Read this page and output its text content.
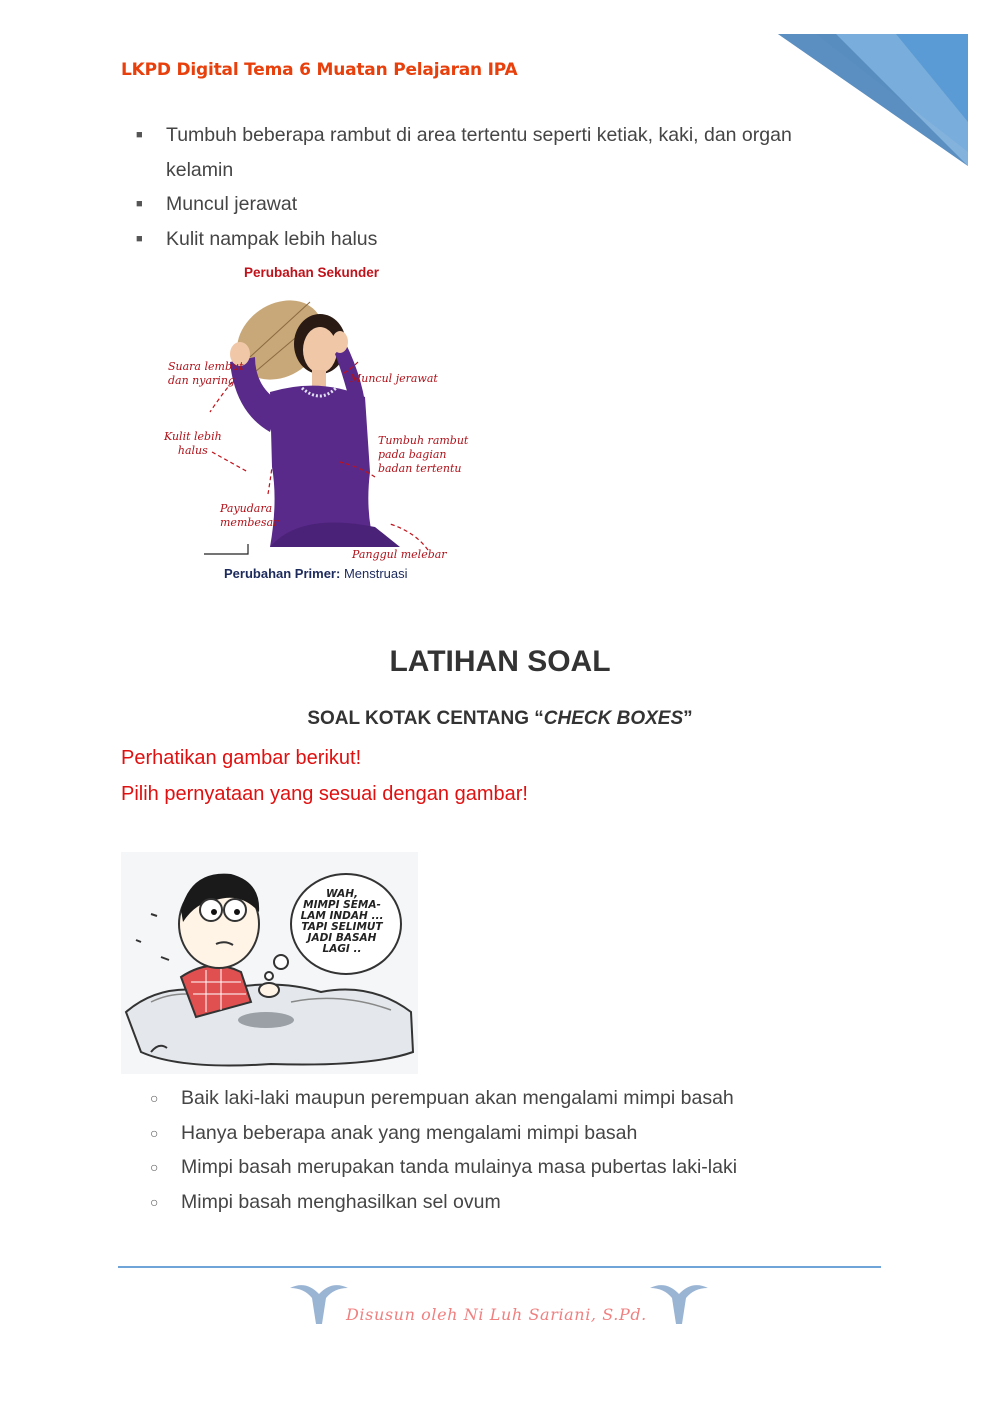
LKPD Digital Tema 6 Muatan Pelajaran IPA
■	Tumbuh beberapa rambut di area tertentu seperti ketiak, kaki, dan organ kelamin
■	Muncul jerawat
■	Kulit nampak lebih halus
Perubahan Sekunder
Suara lembut
dan nyaring	Muncul jerawat
Kulit lebih
halus
Tumbuh rambut
pada bagian
badan tertentu
Payudara
membesar
Panggul melebar
Perubahan Primer: Menstruasi
LATIHAN SOAL
SOAL KOTAK CENTANG “CHECK BOXES”
Perhatikan gambar berikut!
Pilih pernyataan yang sesuai dengan gambar!
WAH,
MIMPI SEMA-
LAM INDAH ...
TAPI SELIMUT
JADI BASAH
LAGI ..
○	Baik laki-laki maupun perempuan akan mengalami mimpi basah
○	Hanya beberapa anak yang mengalami mimpi basah
○	Mimpi basah merupakan tanda mulainya masa pubertas laki-laki
○	Mimpi basah menghasilkan sel ovum
Disusun oleh Ni Luh Sariani, S.Pd.
